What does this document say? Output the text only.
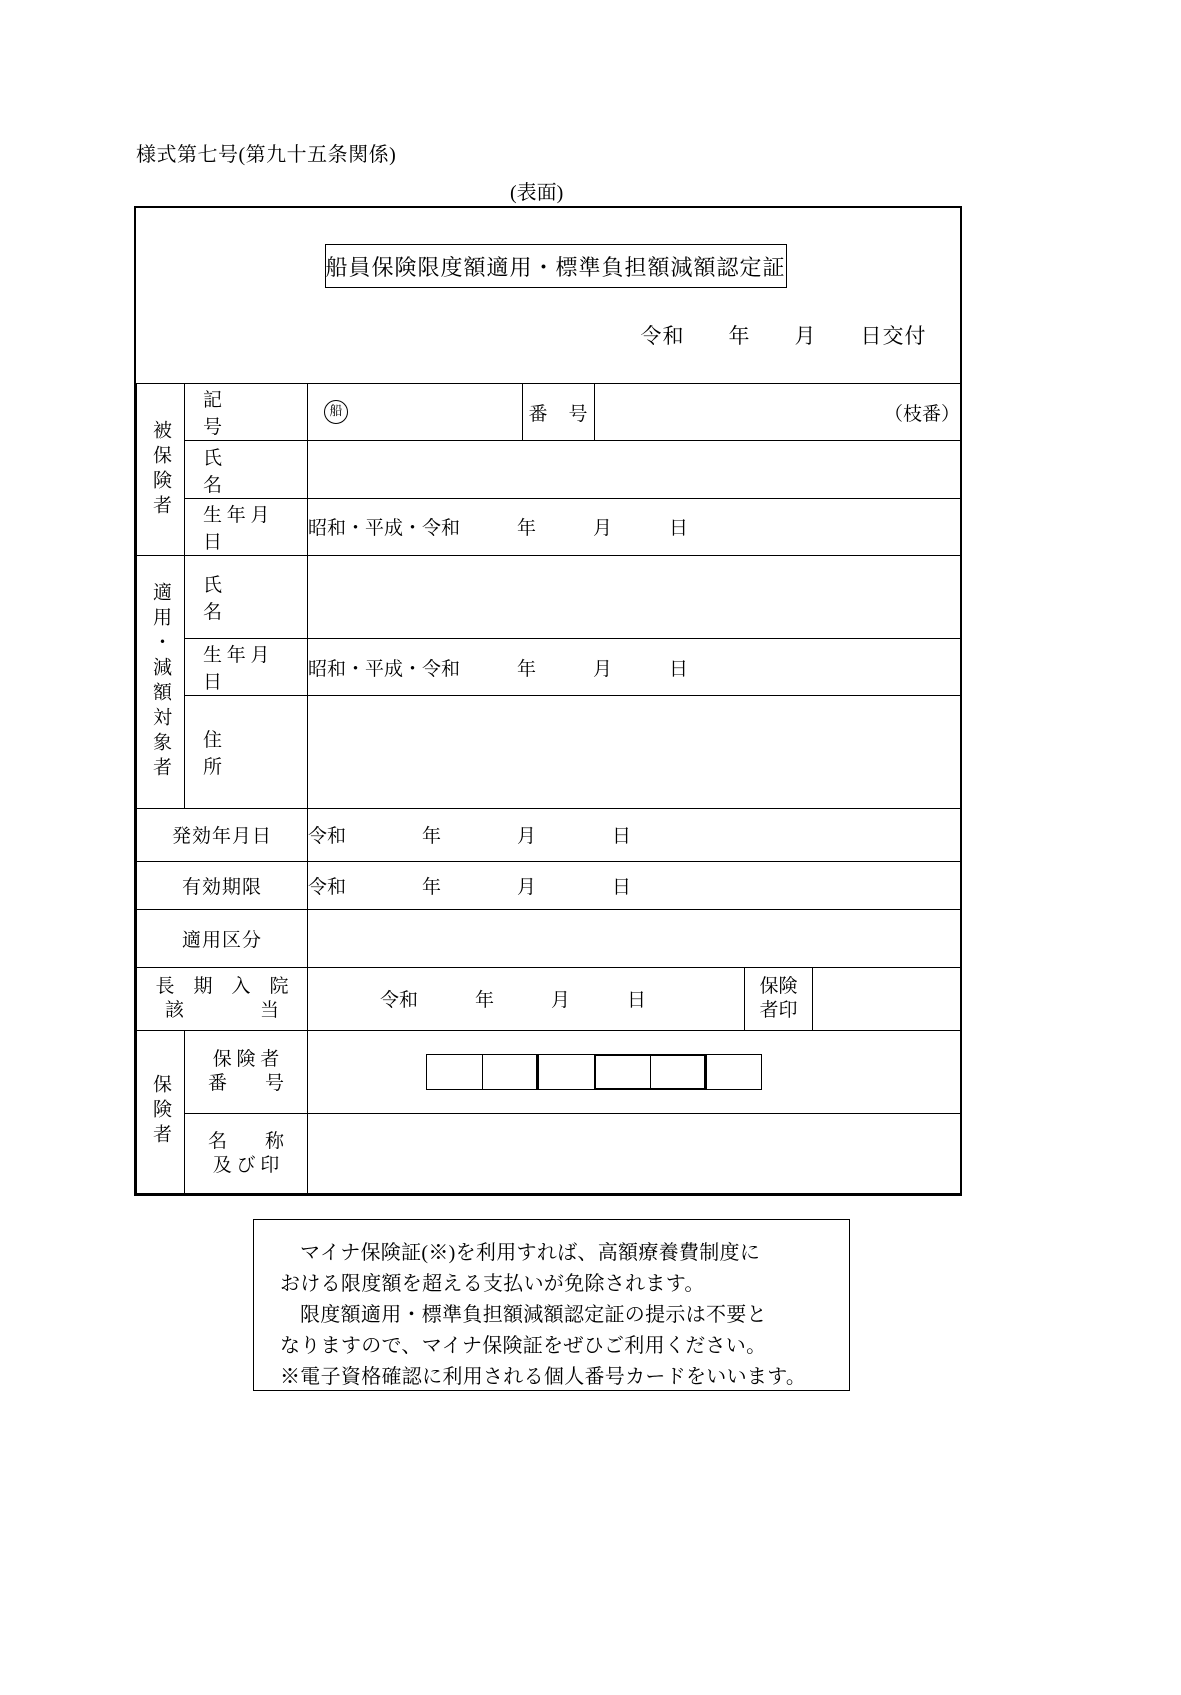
様式第七号(第九十五条関係)
(表面)
船員保険限度額適用・標準負担額減額認定証
令和　　年　　月　　日交付						

被保険者	記　　　　号	船	番　号	（枝番）		

	氏　　　　名					

	生 年 月 日	昭和・平成・令和　　　年　　　月　　　日				

適用・減額対象者	氏　　　　名					

	生 年 月 日	昭和・平成・令和　　　年　　　月　　　日				

	住　　　　所					

発効年月日		令和　　　　年　　　　月　　　　日				
有効期限		令和　　　　年　　　　月　　　　日				
適用区分						

長　期　入　院
該　　　　当	令和　　　年　　　月　　　日	
保険
者印

保険者	保 険 者
番　　号					

	名　　称
及 び 印					

マイナ保険証(※)を利用すれば、高額療養費制度に

おける限度額を超える支払いが免除されます。

限度額適用・標準負担額減額認定証の提示は不要と

なりますので、マイナ保険証をぜひご利用ください。

※電子資格確認に利用される個人番号カードをいいます。
